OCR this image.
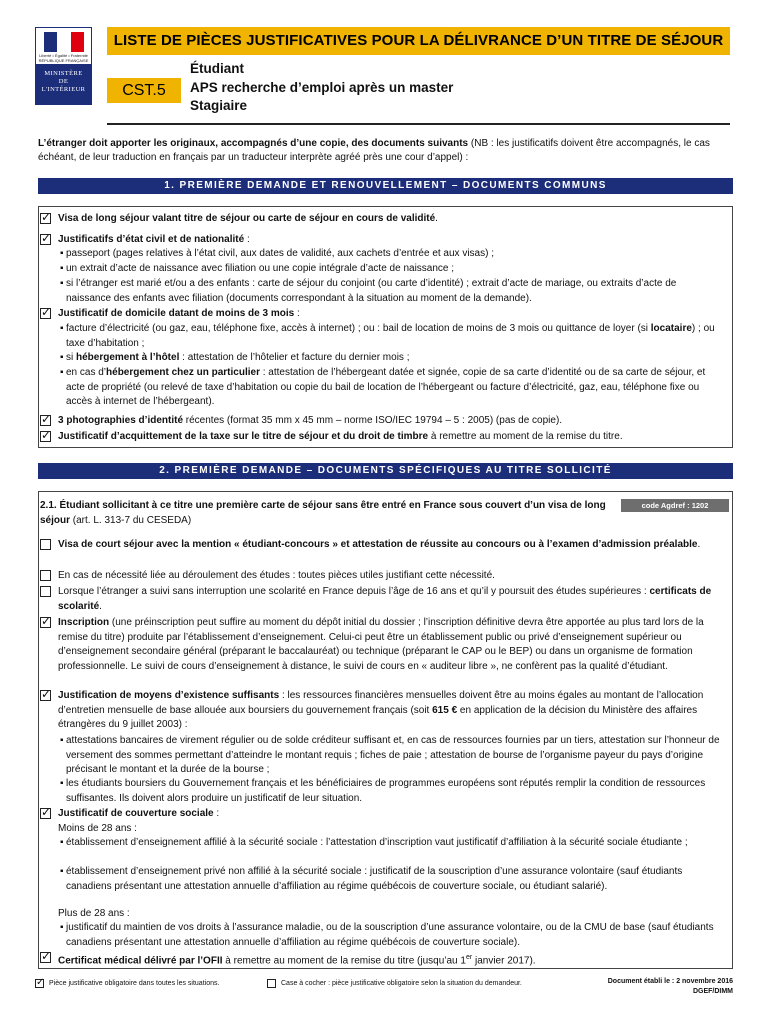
Liberté • Égalité • Fraternité RÉPUBLIQUE FRANÇAISE
MINISTÈRE
DE
L'INTÉRIEUR
LISTE DE PIÈCES JUSTIFICATIVES POUR LA DÉLIVRANCE D’UN TITRE DE SÉJOUR
CST.5
Étudiant
APS recherche d’emploi après un master
Stagiaire
L’étranger doit apporter les originaux, accompagnés d’une copie, des documents suivants (NB : les justificatifs doivent être accompagnés, le cas échéant, de leur traduction en français par un traducteur interprète agréé près une cour d’appel) :
1. PREMIÈRE DEMANDE ET RENOUVELLEMENT – DOCUMENTS COMMUNS
✓
Visa de long séjour valant titre de séjour ou carte de séjour en cours de validité.
✓
Justificatifs d’état civil et de nationalité :
▪ passeport (pages relatives à l’état civil, aux dates de validité, aux cachets d’entrée et aux visas) ;
▪ un extrait d’acte de naissance avec filiation ou une copie intégrale d’acte de naissance ;
▪ si l’étranger est marié et/ou a des enfants : carte de séjour du conjoint (ou carte d’identité) ; extrait d’acte de mariage, ou extraits d’acte de naissance des enfants avec filiation (documents correspondant à la situation au moment de la demande).
✓
Justificatif de domicile datant de moins de 3 mois :
▪ facture d’électricité (ou gaz, eau, téléphone fixe, accès à internet) ; ou : bail de location de moins de 3 mois ou quittance de loyer (si locataire) ; ou taxe d’habitation ;
▪ si hébergement à l’hôtel : attestation de l’hôtelier et facture du dernier mois ;
▪ en cas d’hébergement chez un particulier : attestation de l’hébergeant datée et signée, copie de sa carte d’identité ou de sa carte de séjour, et acte de propriété (ou relevé de taxe d’habitation ou copie du bail de location de l’hébergeant ou facture d’électricité, gaz, eau, téléphone fixe ou accès à internet de l’hébergeant).
✓
3 photographies d’identité récentes (format 35 mm x 45 mm – norme ISO/IEC 19794 – 5 : 2005) (pas de copie).
✓
Justificatif d’acquittement de la taxe sur le titre de séjour et du droit de timbre à remettre au moment de la remise du titre.
2. PREMIÈRE DEMANDE – DOCUMENTS SPÉCIFIQUES AU TITRE SOLLICITÉ
2.1. Étudiant sollicitant à ce titre une première carte de séjour sans être entré en France sous couvert d’un visa de long séjour (art. L. 313-7 du CESEDA)
code Agdref : 1202
Visa de court séjour avec la mention « étudiant-concours » et attestation de réussite au concours ou à l’examen d’admission préalable.
En cas de nécessité liée au déroulement des études : toutes pièces utiles justifiant cette nécessité.
Lorsque l’étranger a suivi sans interruption une scolarité en France depuis l’âge de 16 ans et qu’il y poursuit des études supérieures : certificats de scolarité.
✓
Inscription (une préinscription peut suffire au moment du dépôt initial du dossier ; l’inscription définitive devra être apportée au plus tard lors de la remise du titre) produite par l’établissement d’enseignement. Celui-ci peut être un établissement public ou privé d’enseignement supérieur ou d’enseignement secondaire général (préparant le baccalauréat) ou technique (préparant le CAP ou le BEP) ou dans un organisme de formation professionnelle. Le suivi de cours d’enseignement à distance, le suivi de cours en « auditeur libre », ne confèrent pas la qualité d’étudiant.
✓
Justification de moyens d’existence suffisants : les ressources financières mensuelles doivent être au moins égales au montant de l’allocation d’entretien mensuelle de base allouée aux boursiers du gouvernement français (soit 615 € en application de la décision du Ministère des affaires étrangères du 9 juillet 2003) :
▪ attestations bancaires de virement régulier ou de solde créditeur suffisant et, en cas de ressources fournies par un tiers, attestation sur l’honneur de versement des sommes permettant d’atteindre le montant requis ; fiches de paie ; attestation de bourse de l’organisme payeur du pays d’origine précisant le montant et la durée de la bourse ;
▪ les étudiants boursiers du Gouvernement français et les bénéficiaires de programmes européens sont réputés remplir la condition de ressources suffisantes. Ils doivent alors produire un justificatif de leur situation.
✓
Justificatif de couverture sociale :
Moins de 28 ans :
▪ établissement d’enseignement affilié à la sécurité sociale : l’attestation d’inscription vaut justificatif d’affiliation à la sécurité sociale étudiante ;
▪ établissement d’enseignement privé non affilié à la sécurité sociale : justificatif de la souscription d’une assurance volontaire (sauf étudiants canadiens présentant une attestation annuelle d’affiliation au régime québécois de couverture sociale, ou étudiant salarié).
Plus de 28 ans :
▪ justificatif du maintien de vos droits à l’assurance maladie, ou de la souscription d’une assurance volontaire, ou de la CMU de base (sauf étudiants canadiens présentant une attestation annuelle d’affiliation au régime québécois de couverture sociale).
✓
Certificat médical délivré par l’OFII à remettre au moment de la remise du titre (jusqu’au 1er janvier 2017).
✓
Pièce justificative obligatoire dans toutes les situations.	Case à cocher : pièce justificative obligatoire selon la situation du demandeur.	Document établi le : 2 novembre 2016
DGEF/DIMM
